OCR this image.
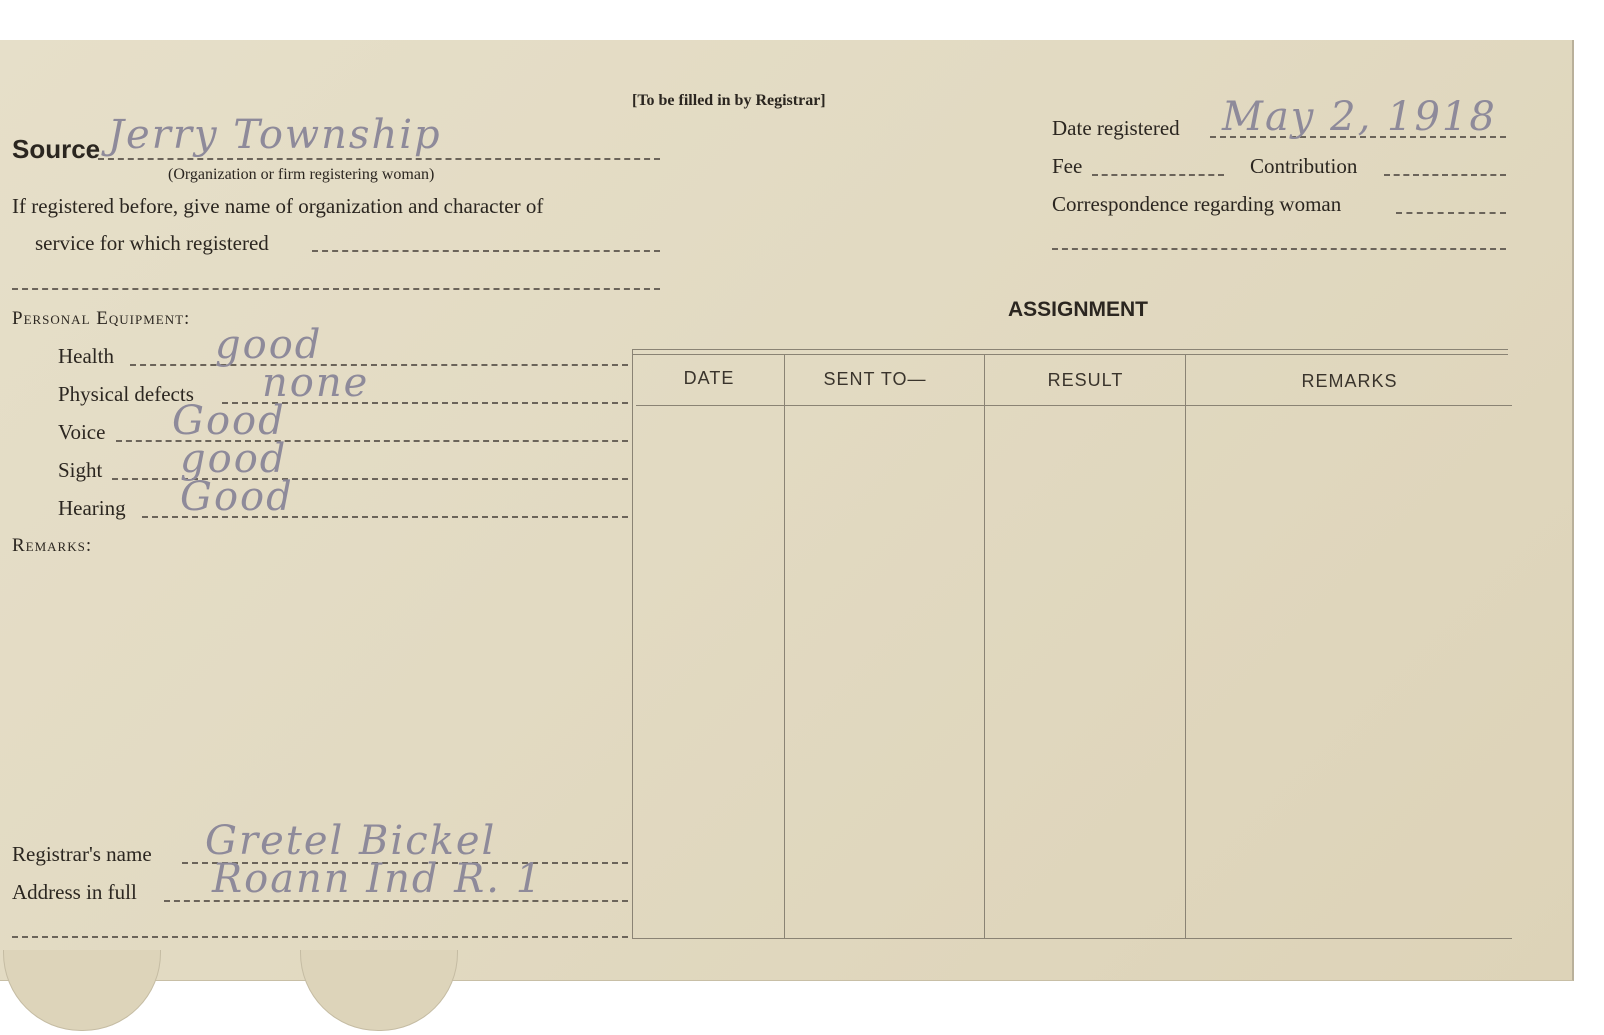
[To be filled in by Registrar]
Source Jerry Township
(Organization or firm registering woman)
If registered before, give name of organization and character of
service for which registered
Personal Equipment:
Health	good
Physical defects none
Voice Good
Sight good
Hearing Good
Remarks:
Registrar's name Gretel Bickel
Address in full Roann Ind R. 1
Date registered May 2, 1918
Fee	Contribution
Correspondence regarding woman
ASSIGNMENT
DATE	SENT TO—	RESULT	REMARKS
